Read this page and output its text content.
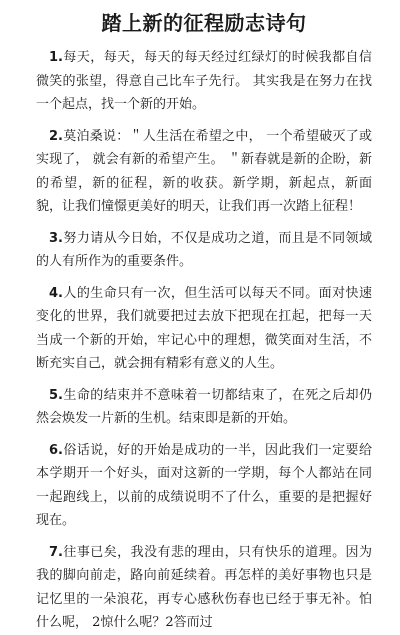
踏上新的征程励志诗句

1.每天，每天，每天的每天经过红绿灯的时候我都自信微笑的张望，得意自己比车子先行。 其实我是在努力在找一个起点，找一个新的开始。

2.莫泊桑说：＂人生活在希望之中， 一个希望破灭了或实现了， 就会有新的希望产生。 ＂新春就是新的企盼，新的希望，新的征程，新的收获。新学期，新起点，新面貌，让我们憧憬更美好的明天，让我们再一次踏上征程！

3.努力请从今日始，不仅是成功之道，而且是不同领域的人有所作为的重要条件。

4.人的生命只有一次，但生活可以每天不同。面对快速变化的世界，我们就要把过去放下把现在扛起，把每一天当成一个新的开始，牢记心中的理想，微笑面对生活，不断充实自己，就会拥有精彩有意义的人生。

5.生命的结束并不意味着一切都结束了，在死之后却仍然会焕发一片新的生机。结束即是新的开始。

6.俗话说，好的开始是成功的一半，因此我们一定要给本学期开一个好头，面对这新的一学期，每个人都站在同一起跑线上，以前的成绩说明不了什么，重要的是把握好现在。

7.往事已矣，我没有悲的理由，只有快乐的道理。因为我的脚向前走，路向前延续着。再怎样的美好事物也只是记忆里的一朵浪花，再专心感秋伤春也已经于事无补。怕什么呢， 2惊什么呢？2答而过
